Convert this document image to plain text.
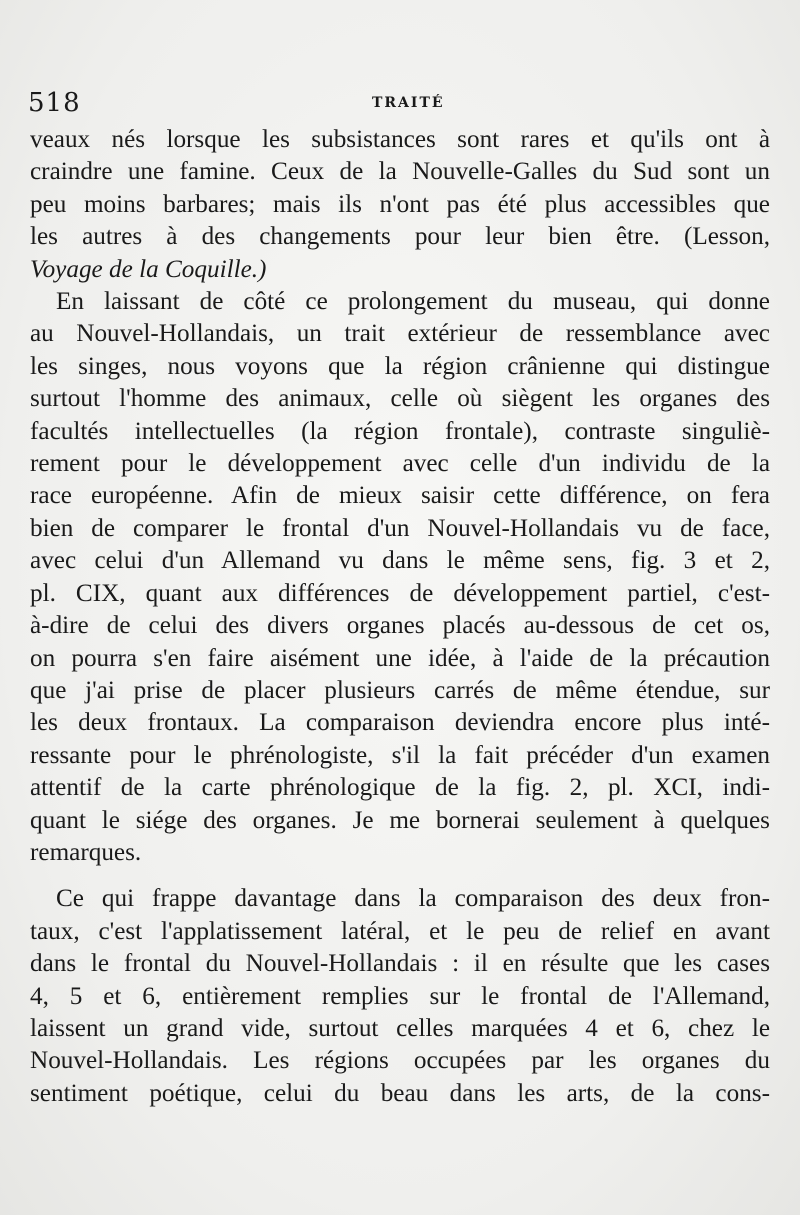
518	TRAITÉ
veaux nés lorsque les subsistances sont rares et qu'ils ont à
craindre une famine. Ceux de la Nouvelle-Galles du Sud sont un
peu moins barbares; mais ils n'ont pas été plus accessibles que
les autres à des changements pour leur bien être. (Lesson,
Voyage de la Coquille.)
En laissant de côté ce prolongement du museau, qui donne
au Nouvel-Hollandais, un trait extérieur de ressemblance avec
les singes, nous voyons que la région crânienne qui distingue
surtout l'homme des animaux, celle où siègent les organes des
facultés intellectuelles (la région frontale), contraste singuliè-
rement pour le développement avec celle d'un individu de la
race européenne. Afin de mieux saisir cette différence, on fera
bien de comparer le frontal d'un Nouvel-Hollandais vu de face,
avec celui d'un Allemand vu dans le même sens, fig. 3 et 2,
pl. CIX, quant aux différences de développement partiel, c'est-
à-dire de celui des divers organes placés au-dessous de cet os,
on pourra s'en faire aisément une idée, à l'aide de la précaution
que j'ai prise de placer plusieurs carrés de même étendue, sur
les deux frontaux. La comparaison deviendra encore plus inté-
ressante pour le phrénologiste, s'il la fait précéder d'un examen
attentif de la carte phrénologique de la fig. 2, pl. XCI, indi-
quant le siége des organes. Je me bornerai seulement à quelques
remarques.
Ce qui frappe davantage dans la comparaison des deux fron-
taux, c'est l'applatissement latéral, et le peu de relief en avant
dans le frontal du Nouvel-Hollandais : il en résulte que les cases
4, 5 et 6, entièrement remplies sur le frontal de l'Allemand,
laissent un grand vide, surtout celles marquées 4 et 6, chez le
Nouvel-Hollandais. Les régions occupées par les organes du
sentiment poétique, celui du beau dans les arts, de la cons-
